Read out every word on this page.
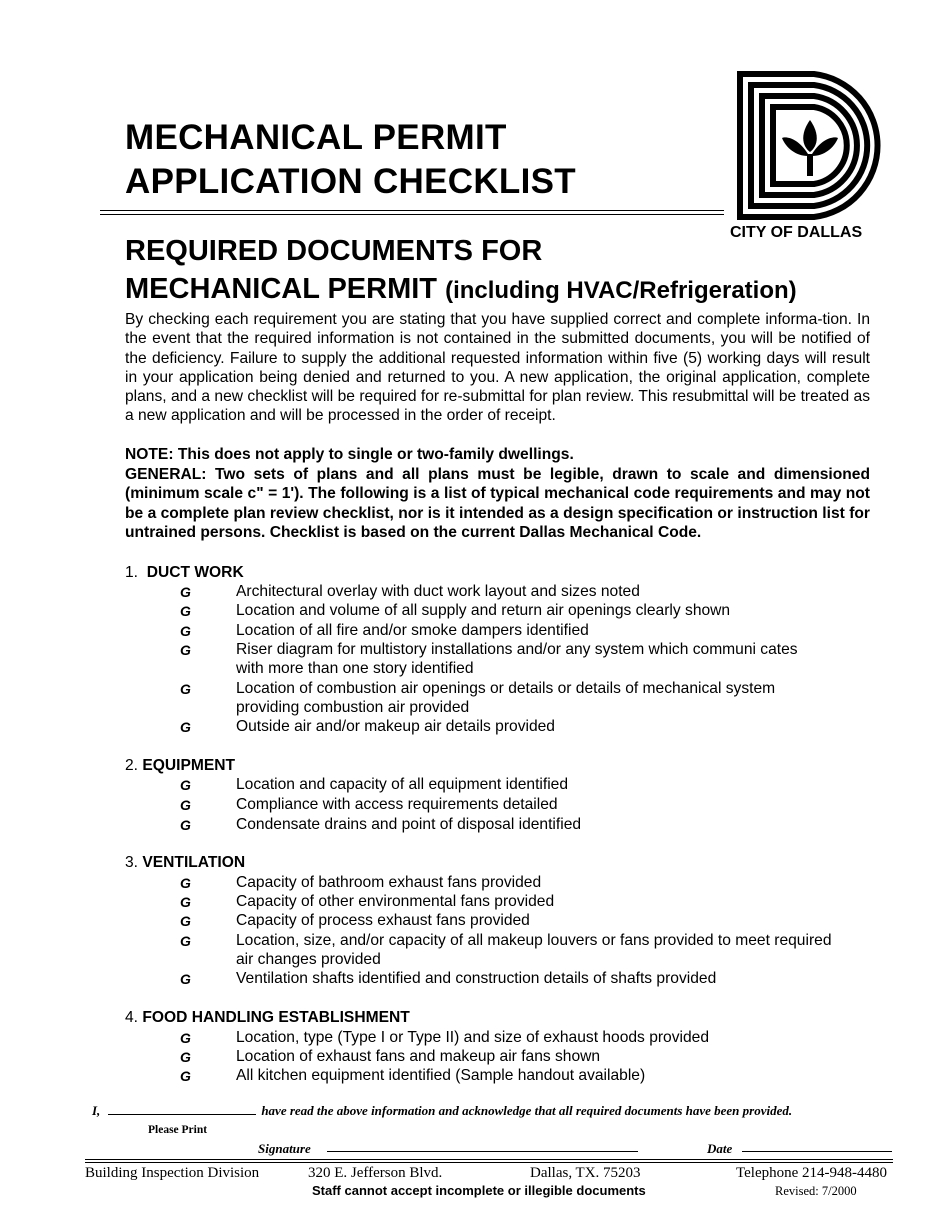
MECHANICAL PERMIT
APPLICATION CHECKLIST
CITY OF DALLAS
REQUIRED DOCUMENTS FOR
MECHANICAL PERMIT (including HVAC/Refrigeration)
By checking each requirement you are stating that you have supplied correct and complete informa-tion. In the event that the required information is not contained in the submitted documents, you will be notified of the deficiency. Failure to supply the additional requested information within five (5) working days will result in your application being denied and returned to you. A new application, the original application, complete plans, and a new checklist will be required for re-submittal for plan review. This resubmittal will be treated as a new application and will be processed in the order of receipt.
NOTE: This does not apply to single or two-family dwellings.
GENERAL: Two sets of plans and all plans must be legible, drawn to scale and dimensioned (minimum scale c" = 1'). The following is a list of typical mechanical code requirements and may not be a complete plan review checklist, nor is it intended as a design specification or instruction list for untrained persons. Checklist is based on the current Dallas Mechanical Code.
1. DUCT WORK
G	Architectural overlay with duct work layout and sizes noted
G	Location and volume of all supply and return air openings clearly shown
G	Location of all fire and/or smoke dampers identified
G	Riser diagram for multistory installations and/or any system which communi cates with more than one story identified
G	Location of combustion air openings or details or details of mechanical system providing combustion air provided
G	Outside air and/or makeup air details provided
2. EQUIPMENT
G	Location and capacity of all equipment identified
G	Compliance with access requirements detailed
G	Condensate drains and point of disposal identified
3. VENTILATION
G	Capacity of bathroom exhaust fans provided
G	Capacity of other environmental fans provided
G	Capacity of process exhaust fans provided
G	Location, size, and/or capacity of all makeup louvers or fans provided to meet required air changes provided
G	Ventilation shafts identified and construction details of shafts provided
4. FOOD HANDLING ESTABLISHMENT
G	Location, type (Type I or Type II) and size of exhaust hoods provided
G	Location of exhaust fans and makeup air fans shown
G	All kitchen equipment identified (Sample handout available)
I,	have read the above information and acknowledge that all required documents have been provided.
Please Print
Signature	Date
Building Inspection Division	320 E. Jefferson Blvd.	Dallas, TX. 75203	Telephone 214-948-4480
Staff cannot accept incomplete or illegible documents	Revised: 7/2000
